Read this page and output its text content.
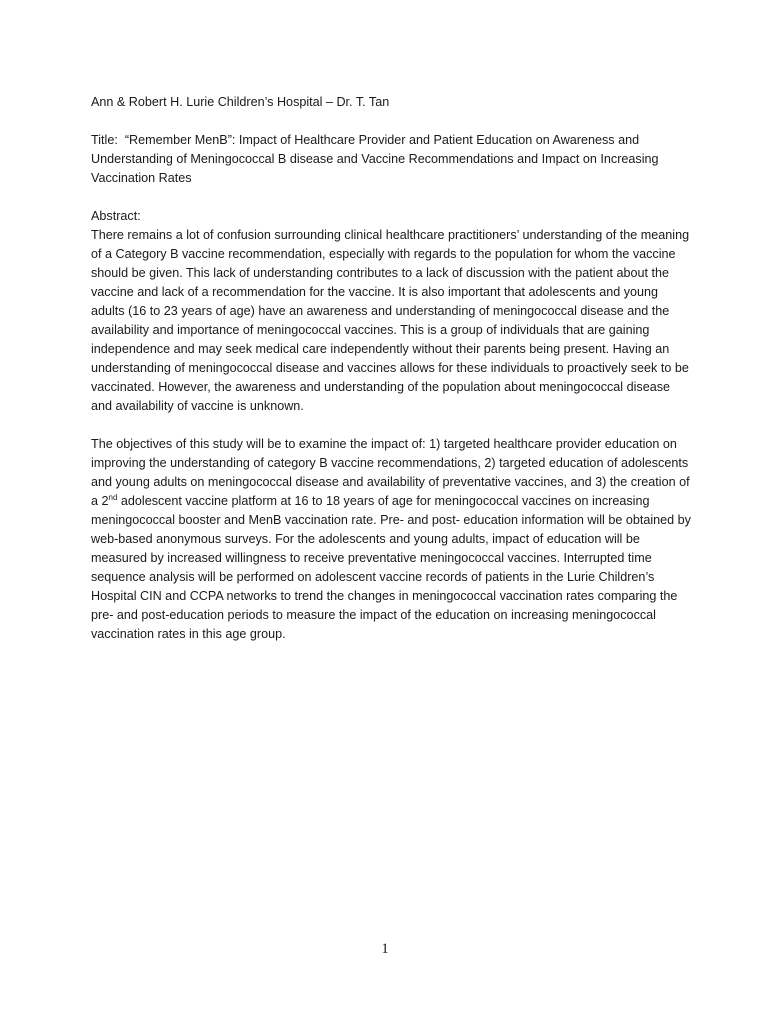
Ann & Robert H. Lurie Children’s Hospital – Dr. T. Tan

Title: “Remember MenB”: Impact of Healthcare Provider and Patient Education on Awareness and Understanding of Meningococcal B disease and Vaccine Recommendations and Impact on Increasing Vaccination Rates

Abstract:

There remains a lot of confusion surrounding clinical healthcare practitioners’ understanding of the meaning of a Category B vaccine recommendation, especially with regards to the population for whom the vaccine should be given. This lack of understanding contributes to a lack of discussion with the patient about the vaccine and lack of a recommendation for the vaccine. It is also important that adolescents and young adults (16 to 23 years of age) have an awareness and understanding of meningococcal disease and the availability and importance of meningococcal vaccines. This is a group of individuals that are gaining independence and may seek medical care independently without their parents being present. Having an understanding of meningococcal disease and vaccines allows for these individuals to proactively seek to be vaccinated. However, the awareness and understanding of the population about meningococcal disease and availability of vaccine is unknown.

The objectives of this study will be to examine the impact of: 1) targeted healthcare provider education on improving the understanding of category B vaccine recommendations, 2) targeted education of adolescents and young adults on meningococcal disease and availability of preventative vaccines, and 3) the creation of a 2nd adolescent vaccine platform at 16 to 18 years of age for meningococcal vaccines on increasing meningococcal booster and MenB vaccination rate. Pre- and post- education information will be obtained by web-based anonymous surveys. For the adolescents and young adults, impact of education will be measured by increased willingness to receive preventative meningococcal vaccines. Interrupted time sequence analysis will be performed on adolescent vaccine records of patients in the Lurie Children’s Hospital CIN and CCPA networks to trend the changes in meningococcal vaccination rates comparing the pre- and post-education periods to measure the impact of the education on increasing meningococcal vaccination rates in this age group.

1
